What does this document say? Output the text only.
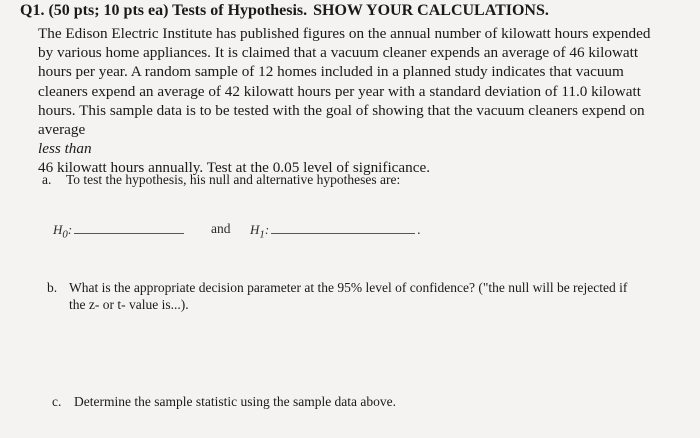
Q1. (50 pts; 10 pts ea) Tests of Hypothesis. SHOW YOUR CALCULATIONS.
The Edison Electric Institute has published figures on the annual number of kilowatt hours expended
by various home appliances. It is claimed that a vacuum cleaner expends an average of 46 kilowatt
hours per year. A random sample of 12 homes included in a planned study indicates that vacuum
cleaners expend an average of 42 kilowatt hours per year with a standard deviation of 11.0 kilowatt
hours. This sample data is to be tested with the goal of showing that the vacuum cleaners expend on
average
less than
46 kilowatt hours annually. Test at the 0.05 level of significance.
a. To test the hypothesis, his null and alternative hypotheses are:
$H_0$:	and $H_1$:	.
b. What is the appropriate decision parameter at the 95% level of confidence? ("the null will be rejected if
the z- or t- value is...).
c. Determine the sample statistic using the sample data above.
